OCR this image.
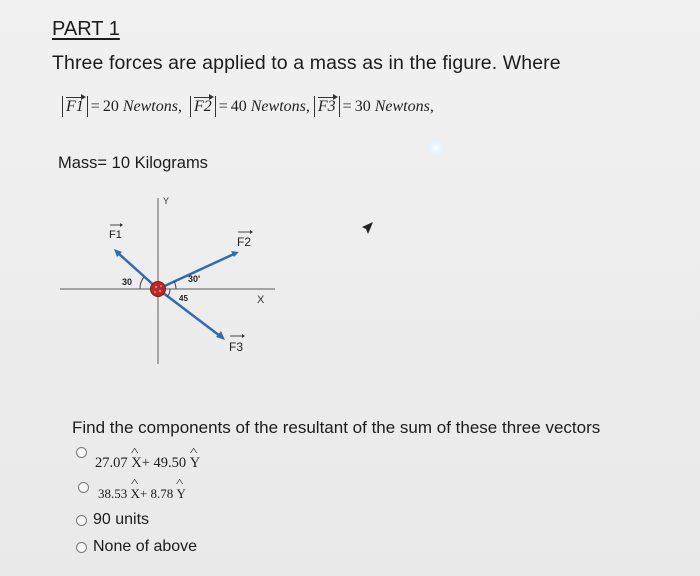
PART 1
Three forces are applied to a mass as in the figure. Where
F1 = 20 Newtons, F2 = 40 Newtons, F3 = 30 Newtons,
Mass= 10 Kilograms
Y
X
30	30'
45
F1	F2
F3
Find the components of the resultant of the sum of these three vectors
27.07 ^ X+ 49.50 ^ Y
38.53 ^ X+ 8.78 ^ Y
90 units
None of above
